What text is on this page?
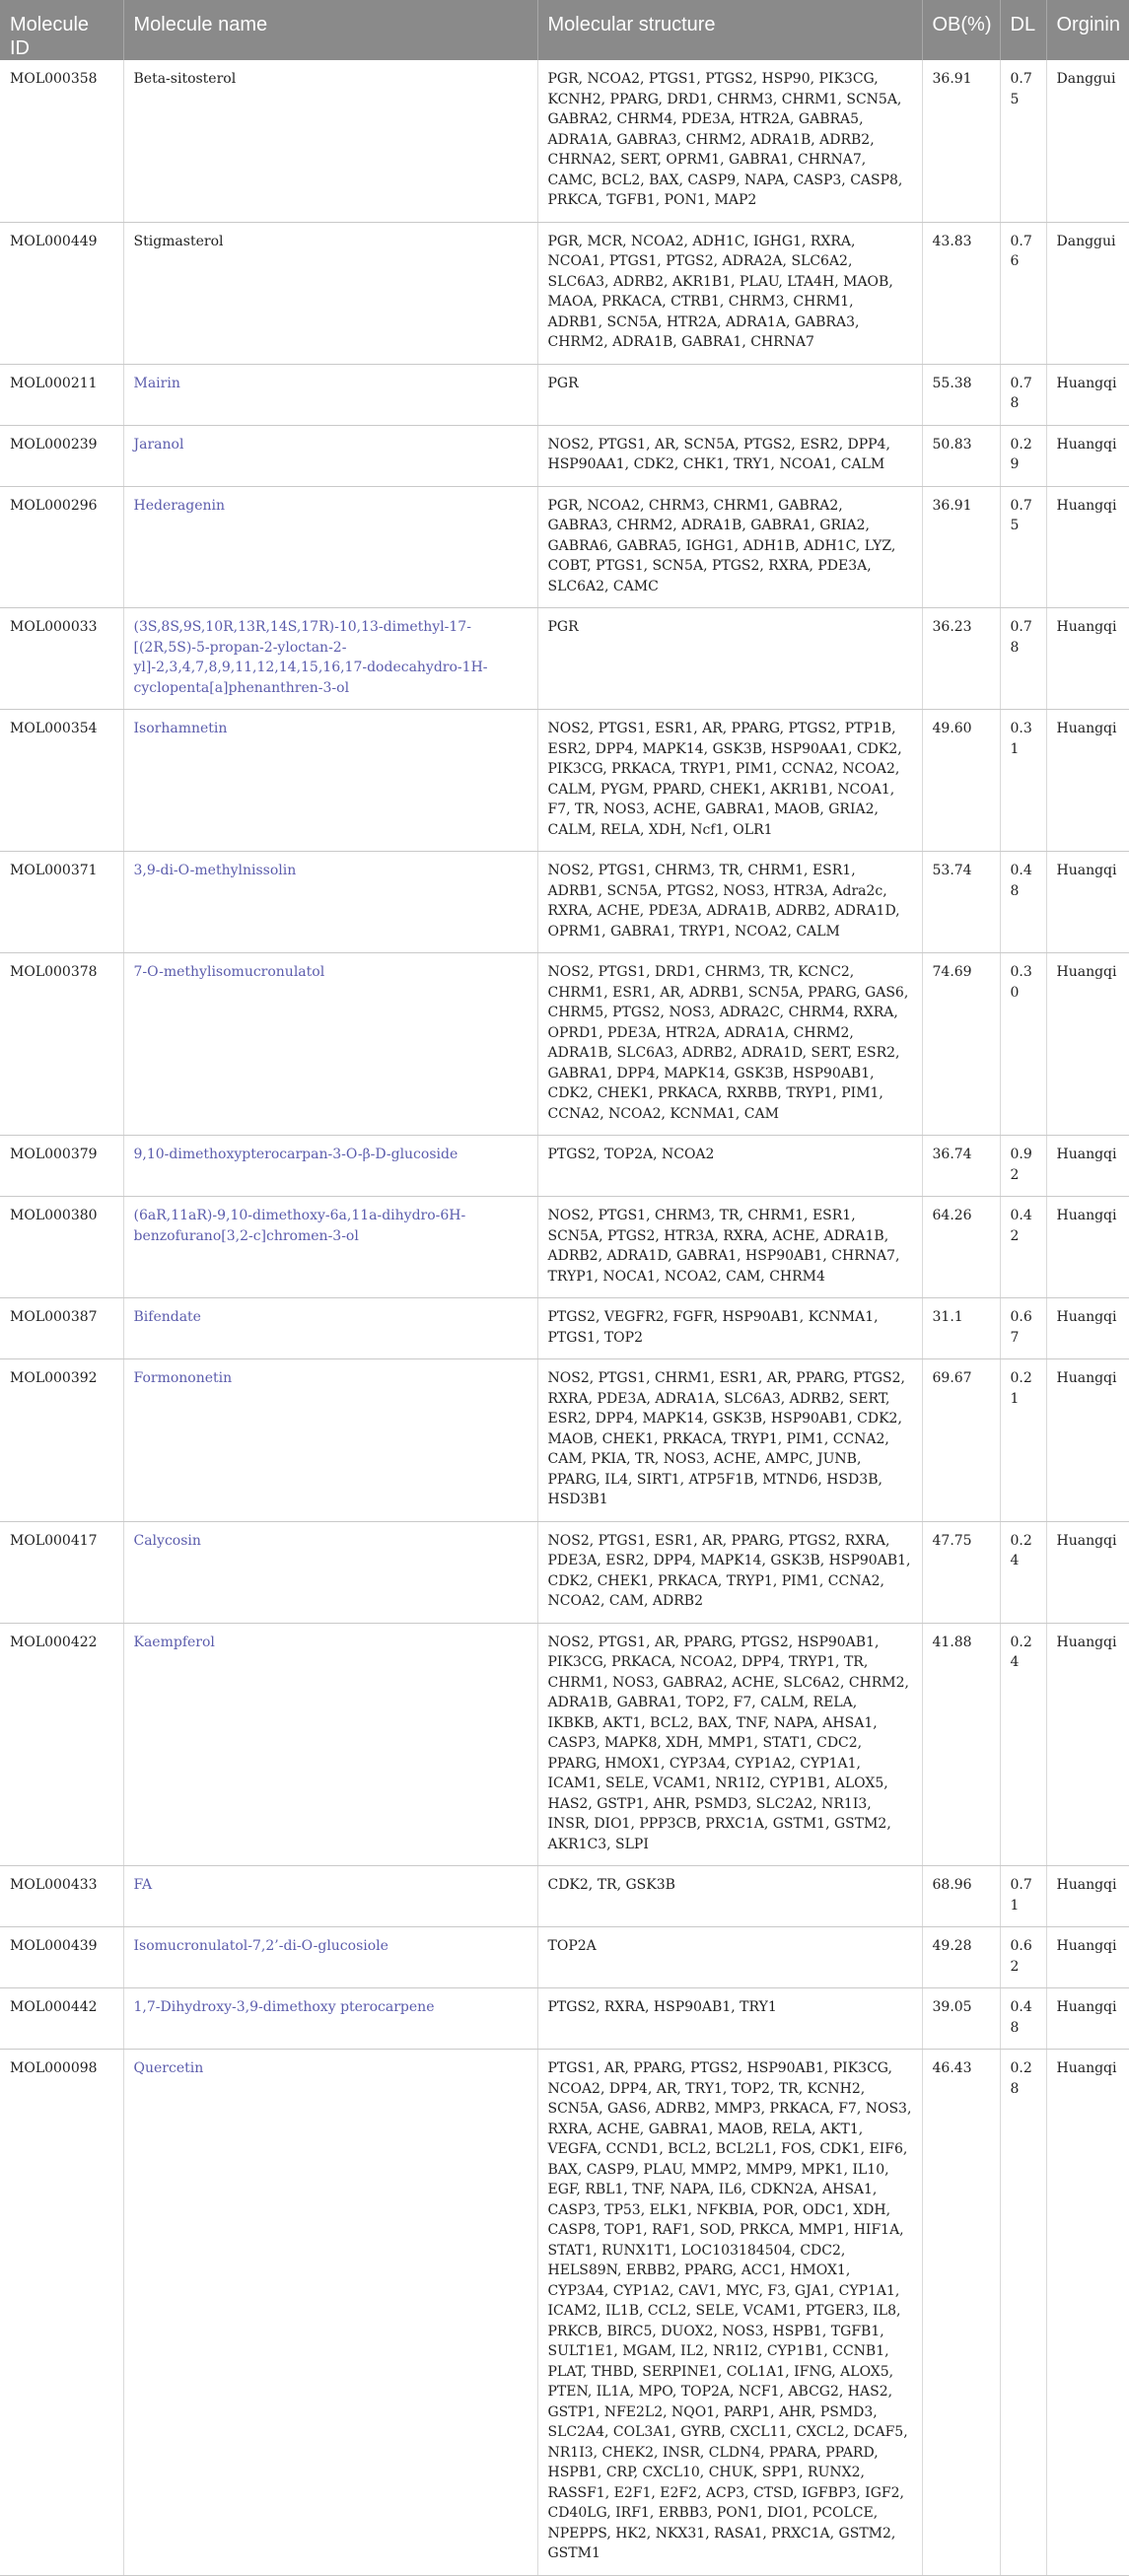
Molecule ID	Molecule name	Molecular structure	OB(%)	DL	Orginin
MOL000358	Beta-sitosterol	PGR, NCOA2, PTGS1, PTGS2, HSP90, PIK3CG, KCNH2, PPARG, DRD1, CHRM3, CHRM1, SCN5A, GABRA2, CHRM4, PDE3A, HTR2A, GABRA5, ADRA1A, GABRA3, CHRM2, ADRA1B, ADRB2, CHRNA2, SERT, OPRM1, GABRA1, CHRNA7, CAMC, BCL2, BAX, CASP9, NAPA, CASP3, CASP8, PRKCA, TGFB1, PON1, MAP2	36.91	0.75	Danggui
MOL000449	Stigmasterol	PGR, MCR, NCOA2, ADH1C, IGHG1, RXRA, NCOA1, PTGS1, PTGS2, ADRA2A, SLC6A2, SLC6A3, ADRB2, AKR1B1, PLAU, LTA4H, MAOB, MAOA, PRKACA, CTRB1, CHRM3, CHRM1, ADRB1, SCN5A, HTR2A, ADRA1A, GABRA3, CHRM2, ADRA1B, GABRA1, CHRNA7	43.83	0.76	Danggui
MOL000211	Mairin	PGR	55.38	0.78	Huangqi
MOL000239	Jaranol	NOS2, PTGS1, AR, SCN5A, PTGS2, ESR2, DPP4, HSP90AA1, CDK2, CHK1, TRY1, NCOA1, CALM	50.83	0.29	Huangqi
MOL000296	Hederagenin	PGR, NCOA2, CHRM3, CHRM1, GABRA2, GABRA3, CHRM2, ADRA1B, GABRA1, GRIA2, GABRA6, GABRA5, IGHG1, ADH1B, ADH1C, LYZ, COBT, PTGS1, SCN5A, PTGS2, RXRA, PDE3A, SLC6A2, CAMC	36.91	0.75	Huangqi
MOL000033	(3S,8S,9S,10R,13R,14S,17R)-10,13-dimethyl-17-[(2R,5S)-5-propan-2-yloctan-2-yl]-2,3,4,7,8,9,11,12,14,15,16,17-dodecahydro-1H-cyclopenta[a]phenanthren-3-ol	PGR	36.23	0.78	Huangqi
MOL000354	Isorhamnetin	NOS2, PTGS1, ESR1, AR, PPARG, PTGS2, PTP1B, ESR2, DPP4, MAPK14, GSK3B, HSP90AA1, CDK2, PIK3CG, PRKACA, TRYP1, PIM1, CCNA2, NCOA2, CALM, PYGM, PPARD, CHEK1, AKR1B1, NCOA1, F7, TR, NOS3, ACHE, GABRA1, MAOB, GRIA2, CALM, RELA, XDH, Ncf1, OLR1	49.60	0.31	Huangqi
MOL000371	3,9-di-O-methylnissolin	NOS2, PTGS1, CHRM3, TR, CHRM1, ESR1, ADRB1, SCN5A, PTGS2, NOS3, HTR3A, Adra2c, RXRA, ACHE, PDE3A, ADRA1B, ADRB2, ADRA1D, OPRM1, GABRA1, TRYP1, NCOA2, CALM	53.74	0.48	Huangqi
MOL000378	7-O-methylisomucronulatol	NOS2, PTGS1, DRD1, CHRM3, TR, KCNC2, CHRM1, ESR1, AR, ADRB1, SCN5A, PPARG, GAS6, CHRM5, PTGS2, NOS3, ADRA2C, CHRM4, RXRA, OPRD1, PDE3A, HTR2A, ADRA1A, CHRM2, ADRA1B, SLC6A3, ADRB2, ADRA1D, SERT, ESR2, GABRA1, DPP4, MAPK14, GSK3B, HSP90AB1, CDK2, CHEK1, PRKACA, RXRBB, TRYP1, PIM1, CCNA2, NCOA2, KCNMA1, CAM	74.69	0.30	Huangqi
MOL000379	9,10-dimethoxypterocarpan-3-O-β-D-glucoside	PTGS2, TOP2A, NCOA2	36.74	0.92	Huangqi
MOL000380	(6aR,11aR)-9,10-dimethoxy-6a,11a-dihydro-6H-benzofurano[3,2-c]chromen-3-ol	NOS2, PTGS1, CHRM3, TR, CHRM1, ESR1, SCN5A, PTGS2, HTR3A, RXRA, ACHE, ADRA1B, ADRB2, ADRA1D, GABRA1, HSP90AB1, CHRNA7, TRYP1, NOCA1, NCOA2, CAM, CHRM4	64.26	0.42	Huangqi
MOL000387	Bifendate	PTGS2, VEGFR2, FGFR, HSP90AB1, KCNMA1, PTGS1, TOP2	31.1	0.67	Huangqi
MOL000392	Formononetin	NOS2, PTGS1, CHRM1, ESR1, AR, PPARG, PTGS2, RXRA, PDE3A, ADRA1A, SLC6A3, ADRB2, SERT, ESR2, DPP4, MAPK14, GSK3B, HSP90AB1, CDK2, MAOB, CHEK1, PRKACA, TRYP1, PIM1, CCNA2, CAM, PKIA, TR, NOS3, ACHE, AMPC, JUNB, PPARG, IL4, SIRT1, ATP5F1B, MTND6, HSD3B, HSD3B1	69.67	0.21	Huangqi
MOL000417	Calycosin	NOS2, PTGS1, ESR1, AR, PPARG, PTGS2, RXRA, PDE3A, ESR2, DPP4, MAPK14, GSK3B, HSP90AB1, CDK2, CHEK1, PRKACA, TRYP1, PIM1, CCNA2, NCOA2, CAM, ADRB2	47.75	0.24	Huangqi
MOL000422	Kaempferol	NOS2, PTGS1, AR, PPARG, PTGS2, HSP90AB1, PIK3CG, PRKACA, NCOA2, DPP4, TRYP1, TR, CHRM1, NOS3, GABRA2, ACHE, SLC6A2, CHRM2, ADRA1B, GABRA1, TOP2, F7, CALM, RELA, IKBKB, AKT1, BCL2, BAX, TNF, NAPA, AHSA1, CASP3, MAPK8, XDH, MMP1, STAT1, CDC2, PPARG, HMOX1, CYP3A4, CYP1A2, CYP1A1, ICAM1, SELE, VCAM1, NR1I2, CYP1B1, ALOX5, HAS2, GSTP1, AHR, PSMD3, SLC2A2, NR1I3, INSR, DIO1, PPP3CB, PRXC1A, GSTM1, GSTM2, AKR1C3, SLPI	41.88	0.24	Huangqi
MOL000433	FA	CDK2, TR, GSK3B	68.96	0.71	Huangqi
MOL000439	Isomucronulatol-7,2’-di-O-glucosiole	TOP2A	49.28	0.62	Huangqi
MOL000442	1,7-Dihydroxy-3,9-dimethoxy pterocarpene	PTGS2, RXRA, HSP90AB1, TRY1	39.05	0.48	Huangqi
MOL000098	Quercetin	PTGS1, AR, PPARG, PTGS2, HSP90AB1, PIK3CG, NCOA2, DPP4, AR, TRY1, TOP2, TR, KCNH2, SCN5A, GAS6, ADRB2, MMP3, PRKACA, F7, NOS3, RXRA, ACHE, GABRA1, MAOB, RELA, AKT1, VEGFA, CCND1, BCL2, BCL2L1, FOS, CDK1, EIF6, BAX, CASP9, PLAU, MMP2, MMP9, MPK1, IL10, EGF, RBL1, TNF, NAPA, IL6, CDKN2A, AHSA1, CASP3, TP53, ELK1, NFKBIA, POR, ODC1, XDH, CASP8, TOP1, RAF1, SOD, PRKCA, MMP1, HIF1A, STAT1, RUNX1T1, LOC103184504, CDC2, HELS89N, ERBB2, PPARG, ACC1, HMOX1, CYP3A4, CYP1A2, CAV1, MYC, F3, GJA1, CYP1A1, ICAM2, IL1B, CCL2, SELE, VCAM1, PTGER3, IL8, PRKCB, BIRC5, DUOX2, NOS3, HSPB1, TGFB1, SULT1E1, MGAM, IL2, NR1I2, CYP1B1, CCNB1, PLAT, THBD, SERPINE1, COL1A1, IFNG, ALOX5, PTEN, IL1A, MPO, TOP2A, NCF1, ABCG2, HAS2, GSTP1, NFE2L2, NQO1, PARP1, AHR, PSMD3, SLC2A4, COL3A1, GYRB, CXCL11, CXCL2, DCAF5, NR1I3, CHEK2, INSR, CLDN4, PPARA, PPARD, HSPB1, CRP, CXCL10, CHUK, SPP1, RUNX2, RASSF1, E2F1, E2F2, ACP3, CTSD, IGFBP3, IGF2, CD40LG, IRF1, ERBB3, PON1, DIO1, PCOLCE, NPEPPS, HK2, NKX31, RASA1, PRXC1A, GSTM2, GSTM1	46.43	0.28	Huangqi
